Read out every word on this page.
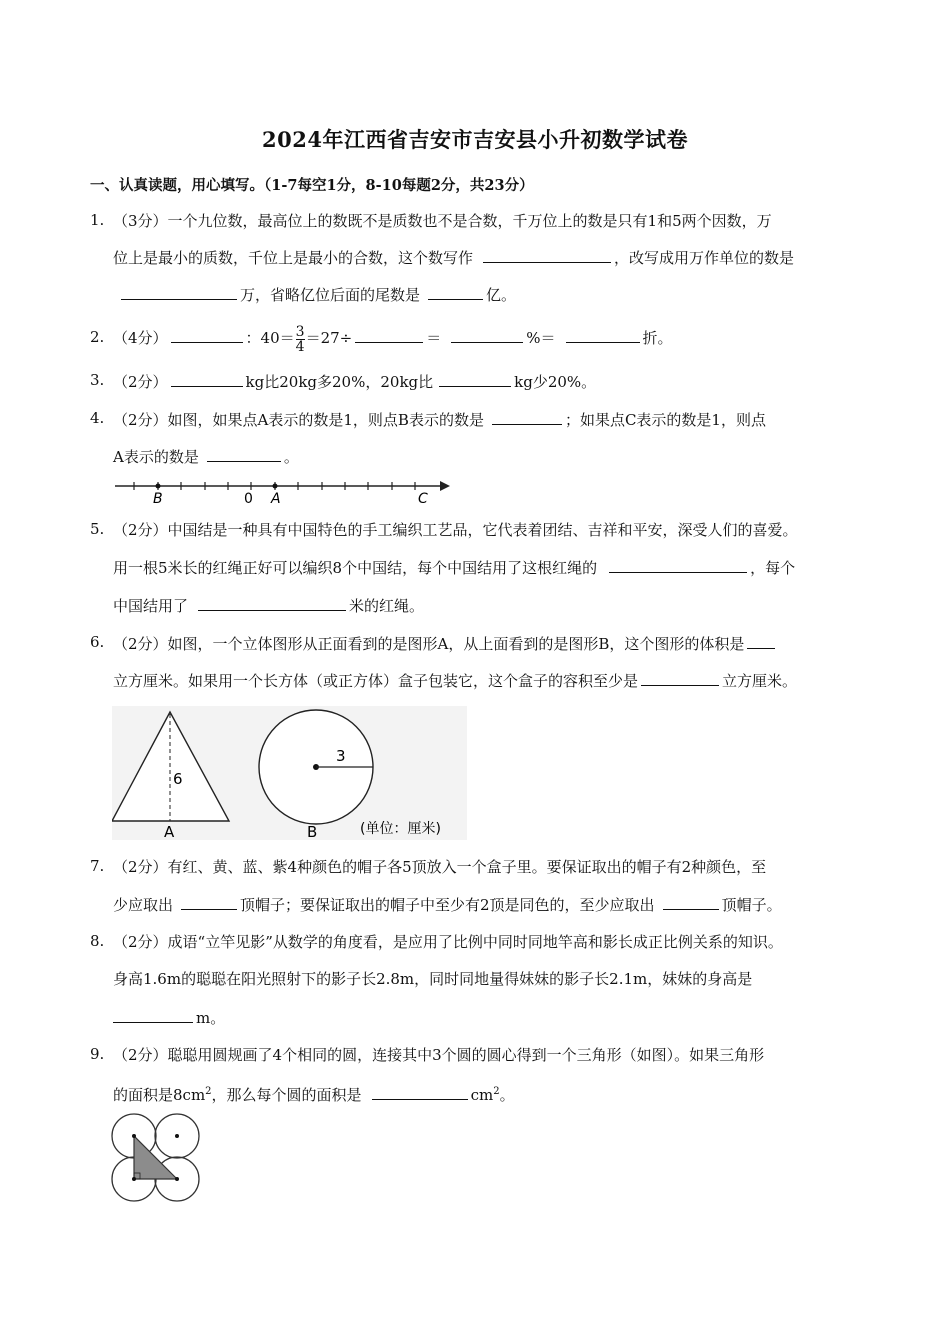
2024年江西省吉安市吉安县小升初数学试卷
一、认真读题，用心填写。（1-7每空1分，8-10每题2分，共23分）
1. （3分）一个九位数，最高位上的数既不是质数也不是合数，千万位上的数是只有1和5两个因数，万
位上是最小的质数，千位上是最小的合数，这个数写作	，改写成用万作单位的数是
万，省略亿位后面的尾数是	亿。
2. （4分）	：$40= \frac{3}{4} =27\div$	＝	%＝	折。
3. （2分）	kg比20kg多20%，20kg比	kg少20%。
4. （2分）如图，如果点A表示的数是1，则点B表示的数是	；如果点C表示的数是1，则点
A表示的数是	。
B	0 A	C
5. （2分）中国结是一种具有中国特色的手工编织工艺品，它代表着团结、吉祥和平安，深受人们的喜爱。
用一根5米长的红绳正好可以编织8个中国结，每个中国结用了这根红绳的	，每个
中国结用了	米的红绳。
6. （2分）如图，一个立体图形从正面看到的是图形A，从上面看到的是图形B，这个图形的体积是
立方厘米。如果用一个长方体（或正方体）盒子包装它，这个盒子的容积至少是	立方厘米。
6
A
3
B	(单位：厘米)
7. （2分）有红、黄、蓝、紫4种颜色的帽子各5顶放入一个盒子里。要保证取出的帽子有2种颜色，至
少应取出	顶帽子；要保证取出的帽子中至少有2顶是同色的，至少应取出	顶帽子。
8. （2分）成语“立竿见影”从数学的角度看，是应用了比例中同时同地竿高和影长成正比例关系的知识。
身高1.6m的聪聪在阳光照射下的影子长2.8m，同时同地量得妹妹的影子长2.1m，妹妹的身高是
m。
9. （2分）聪聪用圆规画了4个相同的圆，连接其中3个圆的圆心得到一个三角形（如图）。如果三角形
的面积是$8cm^2$，那么每个圆的面积是	$cm^2$。
